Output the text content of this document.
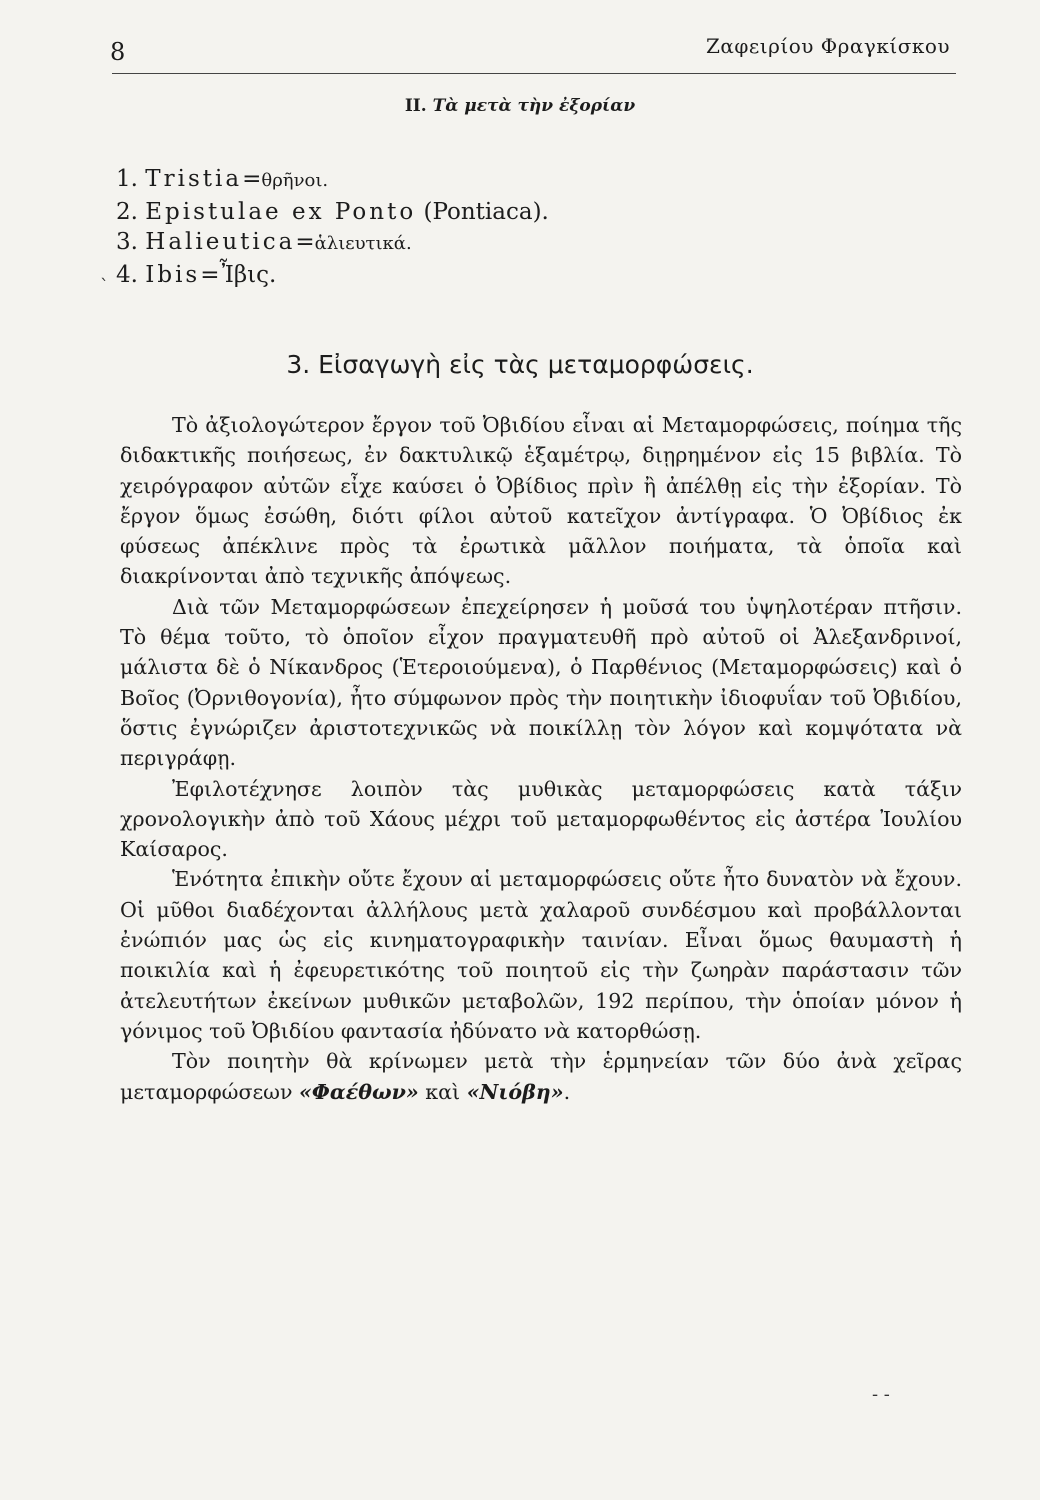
8	Ζαφειρίου Φραγκίσκου
ΙΙ. Τὰ μετὰ τὴν ἐξορίαν
1. Tristia=θρῆνοι.
2. Epistulae ex Ponto (Pontiaca).
3. Halieutica=ἁλιευτικά.
4. Ibis=Ἶβις.
3. Εἰσαγωγὴ εἰς τὰς μεταμορφώσεις.

Τὸ ἀξιολογώτερον ἔργον τοῦ Ὀβιδίου εἶναι αἱ Μεταμορφώσεις, ποίημα τῆς διδακτικῆς ποιήσεως, ἐν δακτυλικῷ ἑξαμέτρῳ, διῃρημένον εἰς 15 βιβλία. Τὸ χειρόγραφον αὐτῶν εἶχε καύσει ὁ Ὀβίδιος πρὶν ἢ ἀπέλθῃ εἰς τὴν ἐξορίαν. Τὸ ἔργον ὅμως ἐσώθη, διότι φίλοι αὐτοῦ κατεῖχον ἀντίγραφα. Ὁ Ὀβίδιος ἐκ φύσεως ἀπέκλινε πρὸς τὰ ἐρωτικὰ μᾶλλον ποιήματα, τὰ ὁποῖα καὶ διακρίνονται ἀπὸ τεχνικῆς ἀπόψεως.

Διὰ τῶν Μεταμορφώσεων ἐπεχείρησεν ἡ μοῦσά του ὑψηλοτέραν πτῆσιν. Τὸ θέμα τοῦτο, τὸ ὁποῖον εἶχον πραγματευθῆ πρὸ αὐτοῦ οἱ Ἀλεξανδρινοί, μάλιστα δὲ ὁ Νίκανδρος (Ἑτεροιούμενα), ὁ Παρθένιος (Μεταμορφώσεις) καὶ ὁ Βοῖος (Ὀρνιθογονία), ἦτο σύμφωνον πρὸς τὴν ποιητικὴν ἰδιοφυΐαν τοῦ Ὀβιδίου, ὅστις ἐγνώριζεν ἀριστοτεχνικῶς νὰ ποικίλλῃ τὸν λόγον καὶ κομψότατα νὰ περιγράφῃ.

Ἐφιλοτέχνησε λοιπὸν τὰς μυθικὰς μεταμορφώσεις κατὰ τάξιν χρονολογικὴν ἀπὸ τοῦ Χάους μέχρι τοῦ μεταμορφωθέντος εἰς ἀστέρα Ἰουλίου Καίσαρος.

Ἑνότητα ἐπικὴν οὔτε ἔχουν αἱ μεταμορφώσεις οὔτε ἦτο δυνατὸν νὰ ἔχουν. Οἱ μῦθοι διαδέχονται ἀλλήλους μετὰ χαλαροῦ συνδέσμου καὶ προβάλλονται ἐνώπιόν μας ὡς εἰς κινηματογραφικὴν ταινίαν. Εἶναι ὅμως θαυμαστὴ ἡ ποικιλία καὶ ἡ ἐφευρετικότης τοῦ ποιητοῦ εἰς τὴν ζωηρὰν παράστασιν τῶν ἀτελευτήτων ἐκείνων μυθικῶν μεταβολῶν, 192 περίπου, τὴν ὁποίαν μόνον ἡ γόνιμος τοῦ Ὀβιδίου φαντασία ἠδύνατο νὰ κατορθώσῃ.

Τὸν ποιητὴν θὰ κρίνωμεν μετὰ τὴν ἑρμηνείαν τῶν δύο ἀνὰ χεῖρας μεταμορφώσεων «Φαέθων» καὶ «Νιόβη».

`
- -
